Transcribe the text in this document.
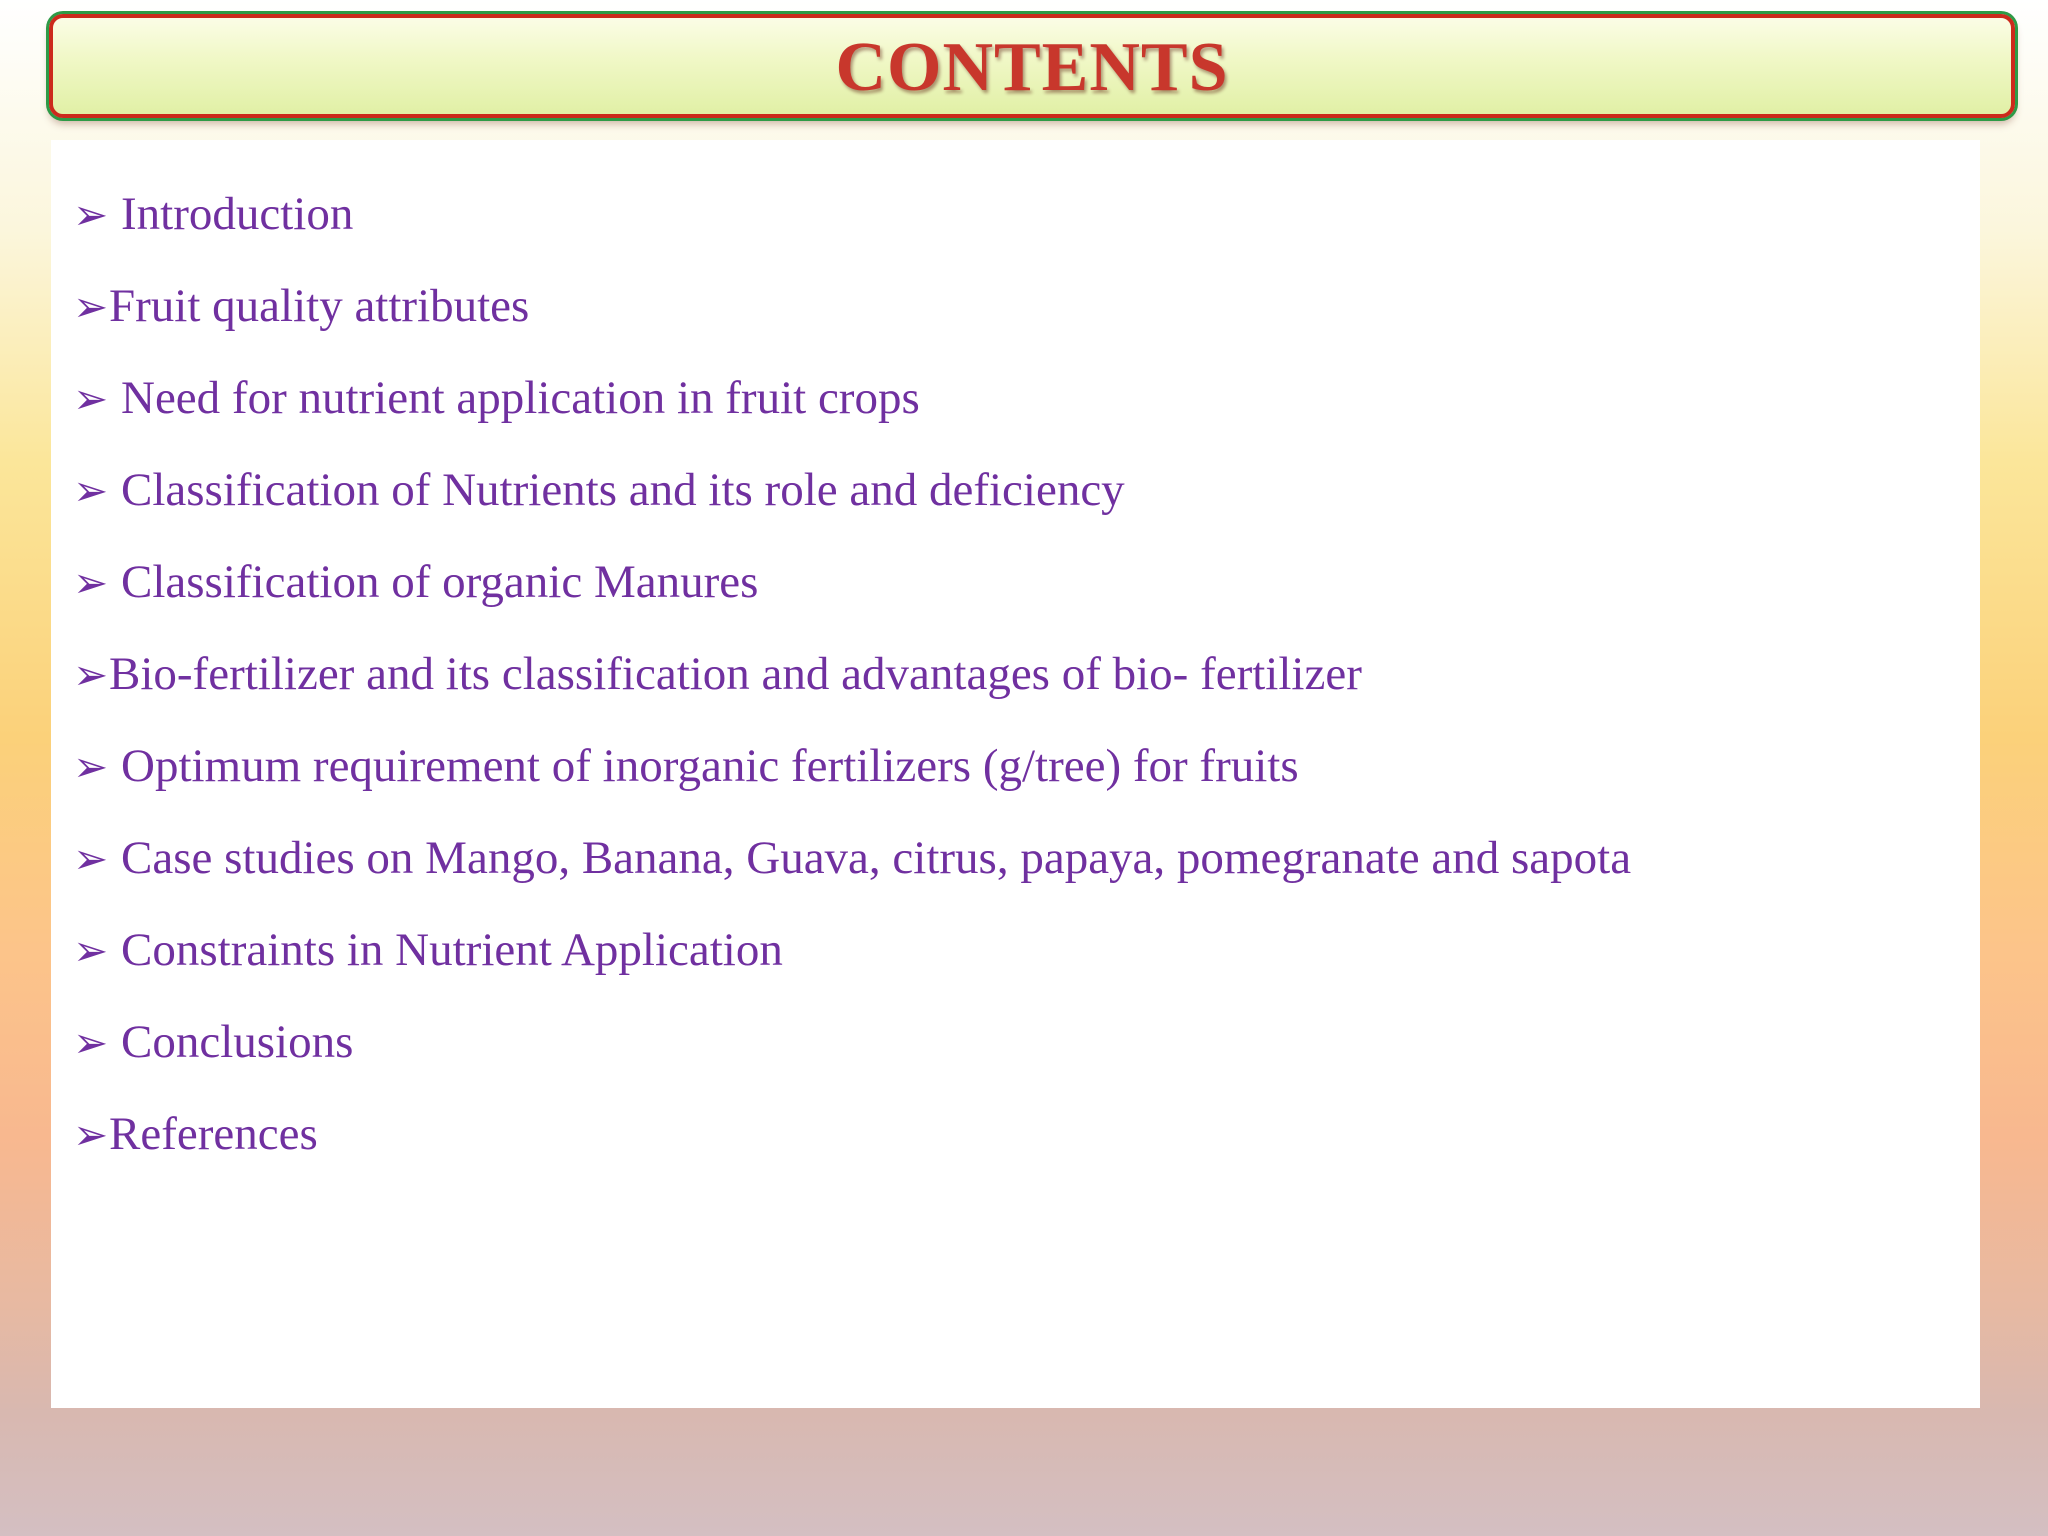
CONTENTS
➢ Introduction
➢ Fruit quality attributes
➢ Need for nutrient application in fruit crops
➢ Classification of Nutrients and its role and deficiency
➢ Classification of organic Manures
➢ Bio-fertilizer and its classification and advantages of bio- fertilizer
➢ Optimum requirement of inorganic fertilizers (g/tree) for fruits
➢ Case studies on Mango, Banana, Guava, citrus, papaya, pomegranate and sapota
➢ Constraints in Nutrient Application
➢ Conclusions
➢ References
